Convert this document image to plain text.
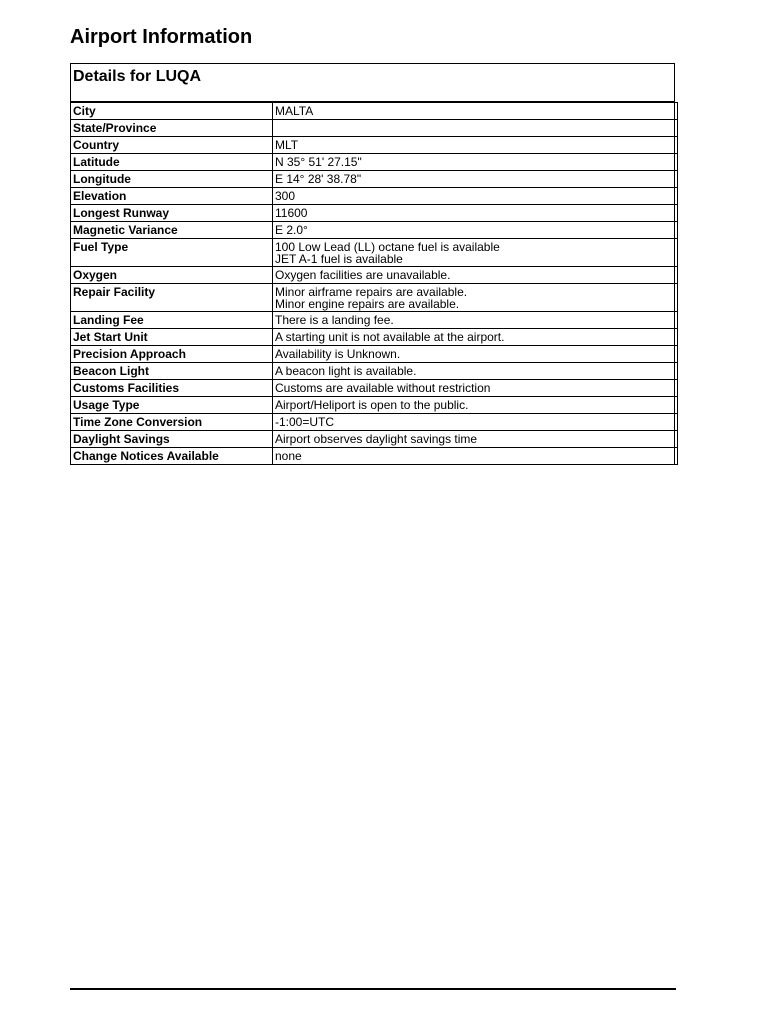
Airport Information
Details for LUQA
City	MALTA

State/Province	

Country	MLT

Latitude	N 35° 51' 27.15"

Longitude	E 14° 28' 38.78"

Elevation	300

Longest Runway	11600

Magnetic Variance	E 2.0°

Fuel Type	100 Low Lead (LL) octane fuel is available
JET A-1 fuel is available

Oxygen	Oxygen facilities are unavailable.

Repair Facility	Minor airframe repairs are available.
Minor engine repairs are available.

Landing Fee	There is a landing fee.

Jet Start Unit	A starting unit is not available at the airport.

Precision Approach	Availability is Unknown.

Beacon Light	A beacon light is available.

Customs Facilities	Customs are available without restriction

Usage Type	Airport/Heliport is open to the public.

Time Zone Conversion	-1:00=UTC

Daylight Savings	Airport observes daylight savings time

Change Notices Available	none
